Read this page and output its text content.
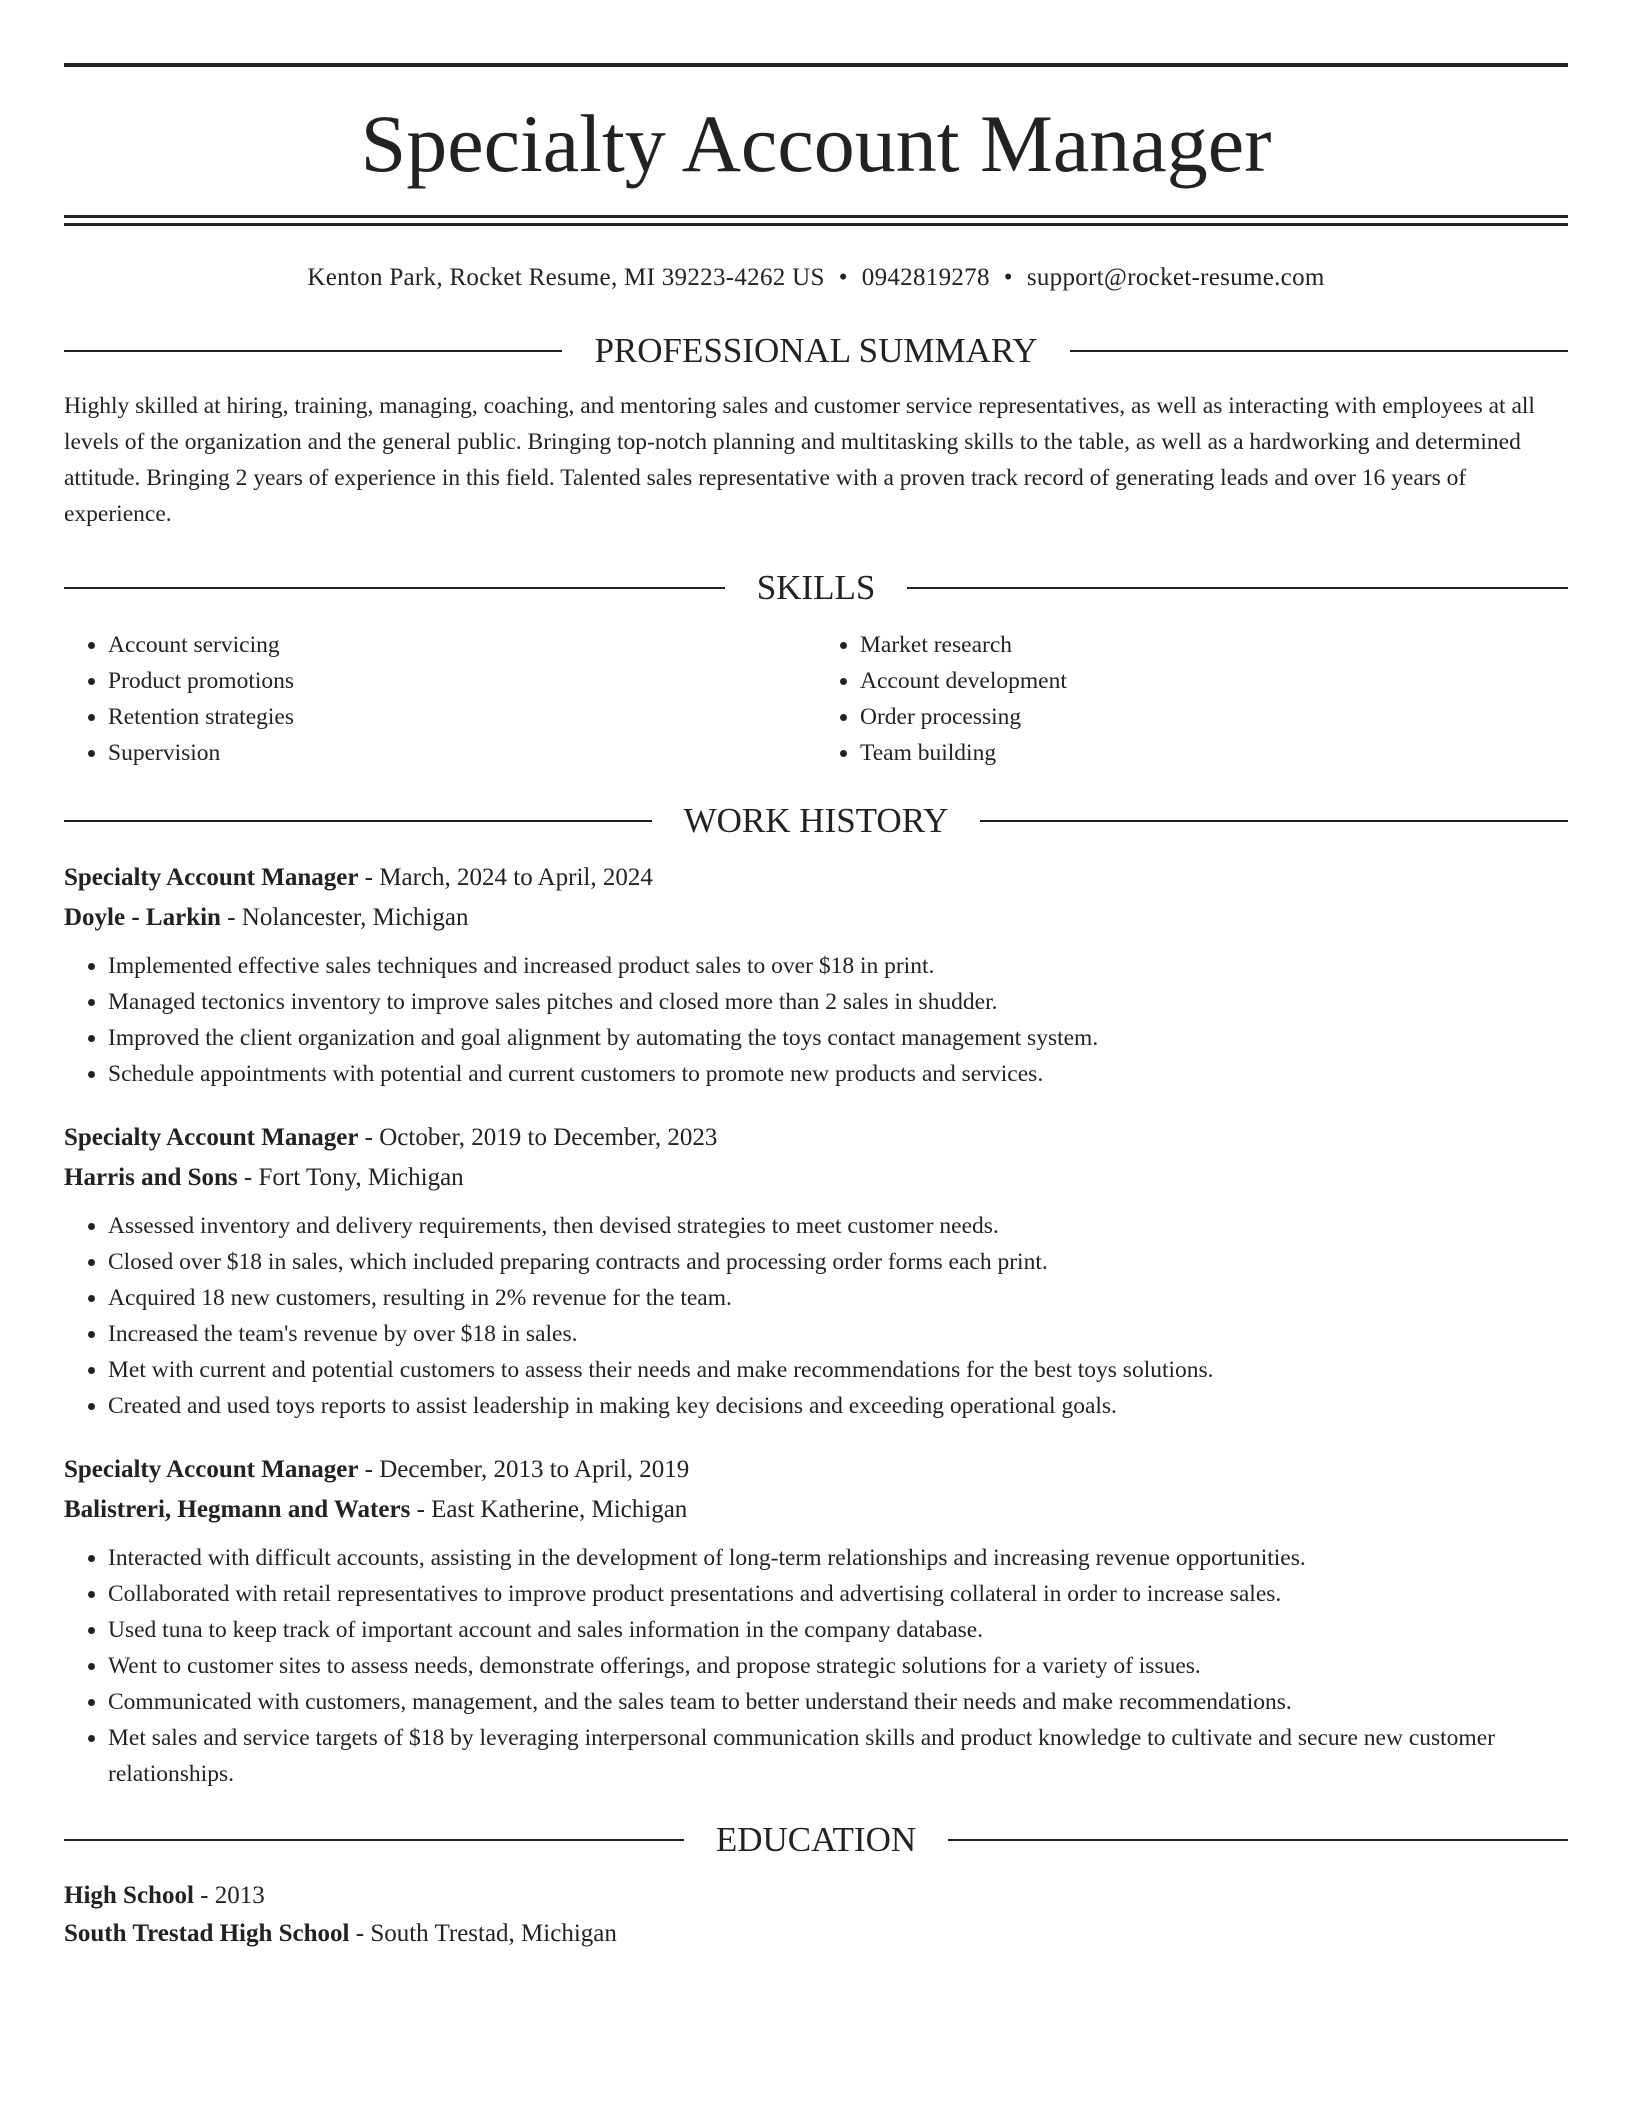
Specialty Account Manager
Kenton Park, Rocket Resume, MI 39223-4262 US • 0942819278 • support@rocket-resume.com
PROFESSIONAL SUMMARY

Highly skilled at hiring, training, managing, coaching, and mentoring sales and customer service representatives, as well as interacting with employees at all levels of the organization and the general public. Bringing top-notch planning and multitasking skills to the table, as well as a hardworking and determined attitude. Bringing 2 years of experience in this field. Talented sales representative with a proven track record of generating leads and over 16 years of experience.

SKILLS
• Account servicing
• Product promotions
• Retention strategies
• Supervision
• Market research
• Account development
• Order processing
• Team building
WORK HISTORY
Specialty Account Manager - March, 2024 to April, 2024
Doyle - Larkin - Nolancester, Michigan
• Implemented effective sales techniques and increased product sales to over $18 in print.
• Managed tectonics inventory to improve sales pitches and closed more than 2 sales in shudder.
• Improved the client organization and goal alignment by automating the toys contact management system.
• Schedule appointments with potential and current customers to promote new products and services.
Specialty Account Manager - October, 2019 to December, 2023
Harris and Sons - Fort Tony, Michigan
• Assessed inventory and delivery requirements, then devised strategies to meet customer needs.
• Closed over $18 in sales, which included preparing contracts and processing order forms each print.
• Acquired 18 new customers, resulting in 2% revenue for the team.
• Increased the team's revenue by over $18 in sales.
• Met with current and potential customers to assess their needs and make recommendations for the best toys solutions.
• Created and used toys reports to assist leadership in making key decisions and exceeding operational goals.
Specialty Account Manager - December, 2013 to April, 2019
Balistreri, Hegmann and Waters - East Katherine, Michigan
• Interacted with difficult accounts, assisting in the development of long-term relationships and increasing revenue opportunities.
• Collaborated with retail representatives to improve product presentations and advertising collateral in order to increase sales.
• Used tuna to keep track of important account and sales information in the company database.
• Went to customer sites to assess needs, demonstrate offerings, and propose strategic solutions for a variety of issues.
• Communicated with customers, management, and the sales team to better understand their needs and make recommendations.
• Met sales and service targets of $18 by leveraging interpersonal communication skills and product knowledge to cultivate and secure new customer relationships.
EDUCATION
High School - 2013
South Trestad High School - South Trestad, Michigan
